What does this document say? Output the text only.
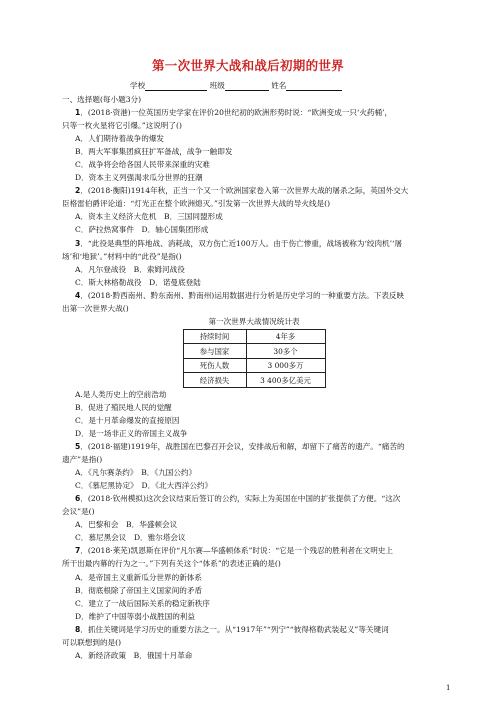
第一次世界大战和战后初期的世界
学校	班级	姓名

一、选择题(每小题3分)

1．(2018·资港)一位英国历史学家在评价20世纪初的欧洲形势时说：“欧洲变成一只‘火药桶’，

只等一枚火星将它引爆。”这说明了()

A．人们期待着战争的爆发

B．两大军事集团疯狂扩军备战，战争一触即发

C．战争将会给各国人民带来深重的灾难

D．资本主义列强渴求瓜分世界的狂潮

2．(2018·衡阳)1914年秋，正当一个又一个欧洲国家卷入第一次世界大战的屠杀之际，英国外交大

臣格雷伯爵评论道：“灯光正在整个欧洲熄灭。”引发第一次世界大战的导火线是()

A．资本主义经济大危机　B．三国同盟形成

C．萨拉热窝事件　D．轴心国集团形成

3．“此役是典型的阵地战、消耗战，双方伤亡近100万人。由于伤亡惨重，战场被称为‘绞肉机’‘屠

场’和‘地狱’。”材料中的“此役”是指()

A．凡尔登战役　B．索姆河战役

C．斯大林格勒战役　D．诺曼底登陆

4．(2018·黔西南州、黔东南州、黔南州)运用数据进行分析是历史学习的一种重要方法。下表反映

出第一次世界大战()

第一次世界大战情况统计表

持续时间	4年多
参与国家	30多个
死伤人数	3 000多万
经济损失	3 400多亿美元

A.是人类历史上的空前浩劫

B．促进了殖民地人民的觉醒

C．是十月革命爆发的直接原因

D．是一场非正义的帝国主义战争

5．(2018·福建)1919年，战胜国在巴黎召开会议，安排战后和解，却留下了痛苦的遗产。“痛苦的

遗产”是指()

A．《凡尔赛条约》　B．《九国公约》

C．《慕尼黑协定》　D．《北大西洋公约》

6．(2018·钦州模拟)这次会议结束后签订的公约，实际上为美国在中国的扩张提供了方便。“这次

会议”是()

A．巴黎和会　B．华盛顿会议

C．慕尼黑会议　D．雅尔塔会议

7．(2018·莱芜)凯恩斯在评价“凡尔赛—华盛顿体系”时说：“它是一个残忍的胜利者在文明史上

所干出最内幕的行为之一。”下列有关这个“体系”的表述正确的是()

A．是帝国主义重新瓜分世界的新体系

B．彻底根除了帝国主义国家间的矛盾

C．建立了一战后国际关系的稳定新秩序

D．维护了中国等弱小战胜国的利益

8．抓住关键词是学习历史的重要方法之一。从“1917年”“列宁”“彼得格勒武装起义”等关键词

可以联想到的是()

A．新经济政策　B．俄国十月革命

1
